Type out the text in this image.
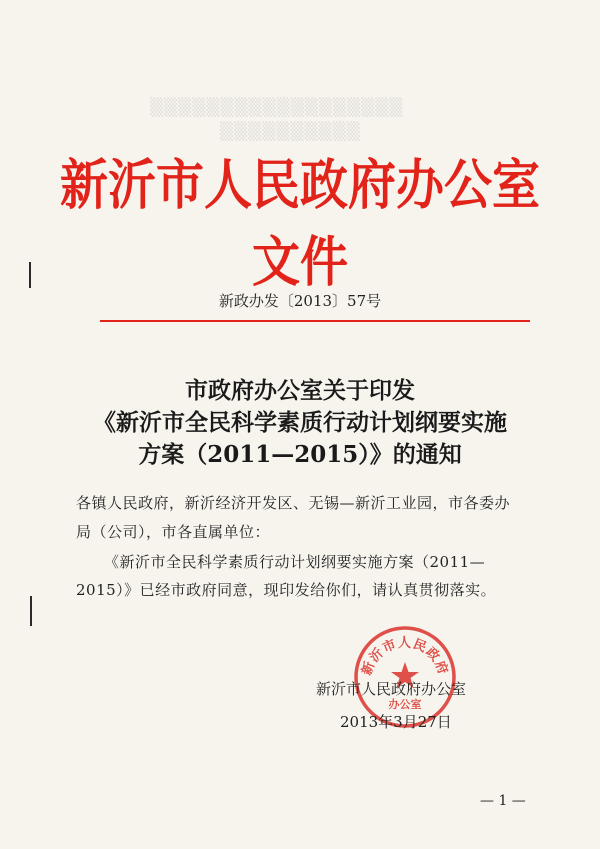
▒▒▒▒▒▒▒▒▒▒▒▒▒▒▒▒▒▒
▒▒▒▒▒▒▒▒▒▒
新沂市人民政府办公室文件
新政办发〔2013〕57号
市政府办公室关于印发
《新沂市全民科学素质行动计划纲要实施
方案（2011—2015）》的通知
各镇人民政府，新沂经济开发区、无锡—新沂工业园，市各委办
局（公司），市各直属单位：
《新沂市全民科学素质行动计划纲要实施方案（2011—
2015）》已经市政府同意，现印发给你们，请认真贯彻落实。
新沂市人民政府
办公室
新沂市人民政府办公室
2013年3月27日
— 1 —
